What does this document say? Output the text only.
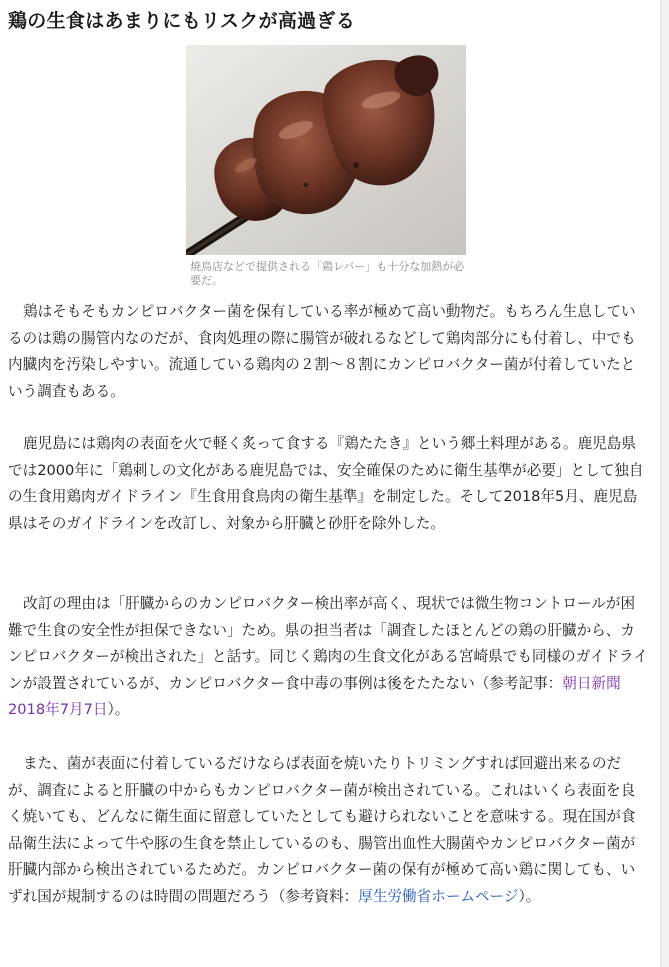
鶏の生食はあまりにもリスクが高過ぎる
焼鳥店などで提供される「鶏レバー」も十分な加熱が必要だ。

鶏はそもそもカンピロバクター菌を保有している率が極めて高い動物だ。もちろん生息しているのは鶏の腸管内なのだが、食肉処理の際に腸管が破れるなどして鶏肉部分にも付着し、中でも内臓肉を汚染しやすい。流通している鶏肉の２割〜８割にカンピロバクター菌が付着していたという調査もある。

鹿児島には鶏肉の表面を火で軽く炙って食する『鶏たたき』という郷土料理がある。鹿児島県では2000年に「鶏刺しの文化がある鹿児島では、安全確保のために衛生基準が必要」として独自の生食用鶏肉ガイドライン『生食用食鳥肉の衛生基準』を制定した。そして2018年5月、鹿児島県はそのガイドラインを改訂し、対象から肝臓と砂肝を除外した。

改訂の理由は「肝臓からのカンピロバクター検出率が高く、現状では微生物コントロールが困難で生食の安全性が担保できない」ため。県の担当者は「調査したほとんどの鶏の肝臓から、カンピロバクターが検出された」と話す。同じく鶏肉の生食文化がある宮崎県でも同様のガイドラインが設置されているが、カンピロバクター食中毒の事例は後をたたない（参考記事：朝日新聞　2018年7月7日）。

また、菌が表面に付着しているだけならば表面を焼いたりトリミングすれば回避出来るのだが、調査によると肝臓の中からもカンピロバクター菌が検出されている。これはいくら表面を良く焼いても、どんなに衛生面に留意していたとしても避けられないことを意味する。現在国が食品衛生法によって牛や豚の生食を禁止しているのも、腸管出血性大腸菌やカンピロバクター菌が肝臓内部から検出されているためだ。カンピロバクター菌の保有が極めて高い鶏に関しても、いずれ国が規制するのは時間の問題だろう（参考資料：厚生労働省ホームページ）。
